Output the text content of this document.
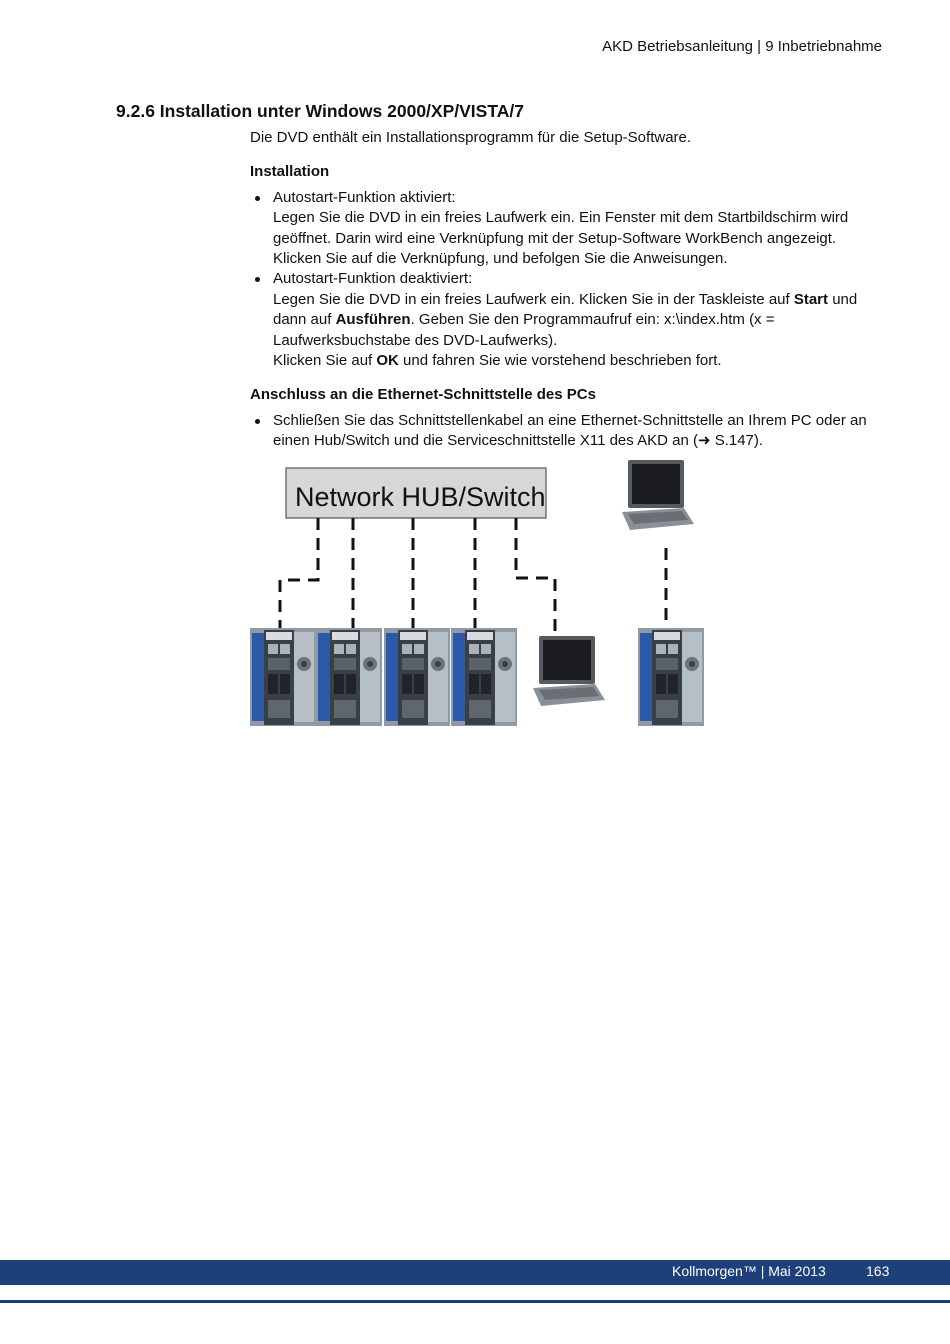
AKD Betriebsanleitung | 9 Inbetriebnahme
9.2.6 Installation unter Windows 2000/XP/VISTA/7

Die DVD enthält ein Installationsprogramm für die Setup-Software.

Installation

Autostart-Funktion aktiviert:
Legen Sie die DVD in ein freies Laufwerk ein. Ein Fenster mit dem Startbildschirm wird geöffnet. Darin wird eine Verknüpfung mit der Setup-Software WorkBench angezeigt. Klicken Sie auf die Verknüpfung, und befolgen Sie die Anweisungen.
Autostart-Funktion deaktiviert:
Legen Sie die DVD in ein freies Laufwerk ein. Klicken Sie in der Taskleiste auf Start und dann auf Ausführen. Geben Sie den Programmaufruf ein: x:\index.htm (x = Laufwerksbuchstabe des DVD-Laufwerks).
Klicken Sie auf OK und fahren Sie wie vorstehend beschrieben fort.

Anschluss an die Ethernet-Schnittstelle des PCs

Schließen Sie das Schnittstellenkabel an eine Ethernet-Schnittstelle an Ihrem PC oder an einen Hub/Switch und die Serviceschnittstelle X11 des AKD an (➜ S.147).
Network HUB/Switch
Kollmorgen™ | Mai 2013	163
